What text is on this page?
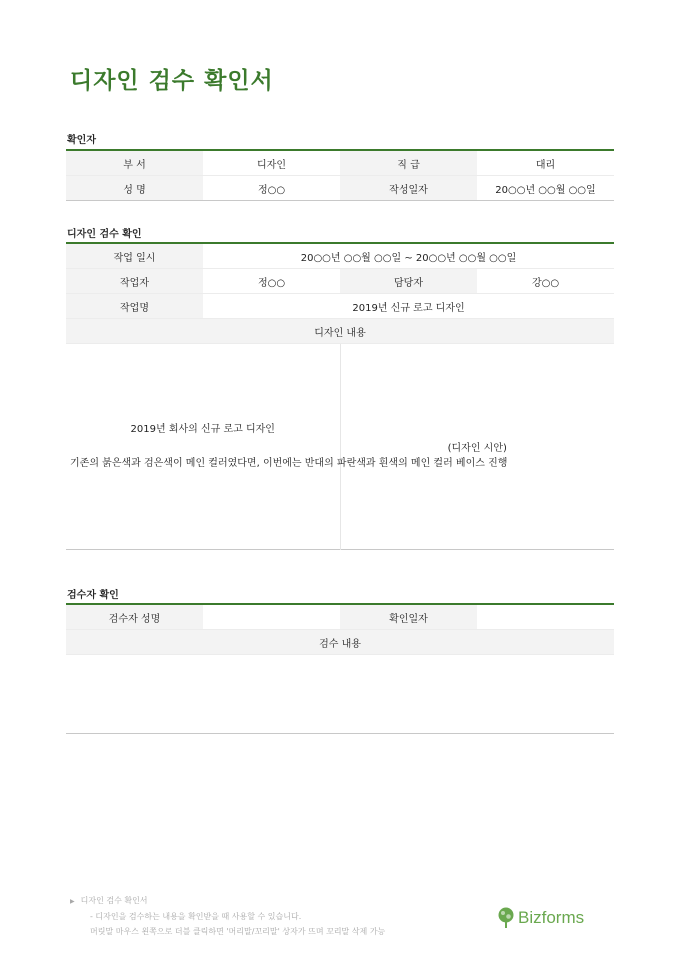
디자인 검수 확인서
확인자
부 서	디자인	직 급	대리
성 명	정○○	작성일자	20○○년 ○○월 ○○일
디자인 검수 확인
작업 일시	20○○년 ○○월 ○○일 ~ 20○○년 ○○월 ○○일		
작업자	정○○	담당자	강○○
작업명	2019년 신규 로고 디자인		
디자인 내용			

2019년 회사의 신규 로고 디자인
기존의 붉은색과 검은색이 메인 컬러였다면, 이번에는 반대의 파란색과 흰색의 메인 컬러 베이스 진행		(디자인 시안)	
검수자 확인
검수자 성명		확인일자	
검수 내용

▶ 디자인 검수 확인서
- 디자인을 검수하는 내용을 확인받을 때 사용할 수 있습니다.
머릿말 마우스 왼쪽으로 더블 클릭하면 '머리말/꼬리말' 상자가 뜨며 꼬리말 삭제 가능
Bizforms
